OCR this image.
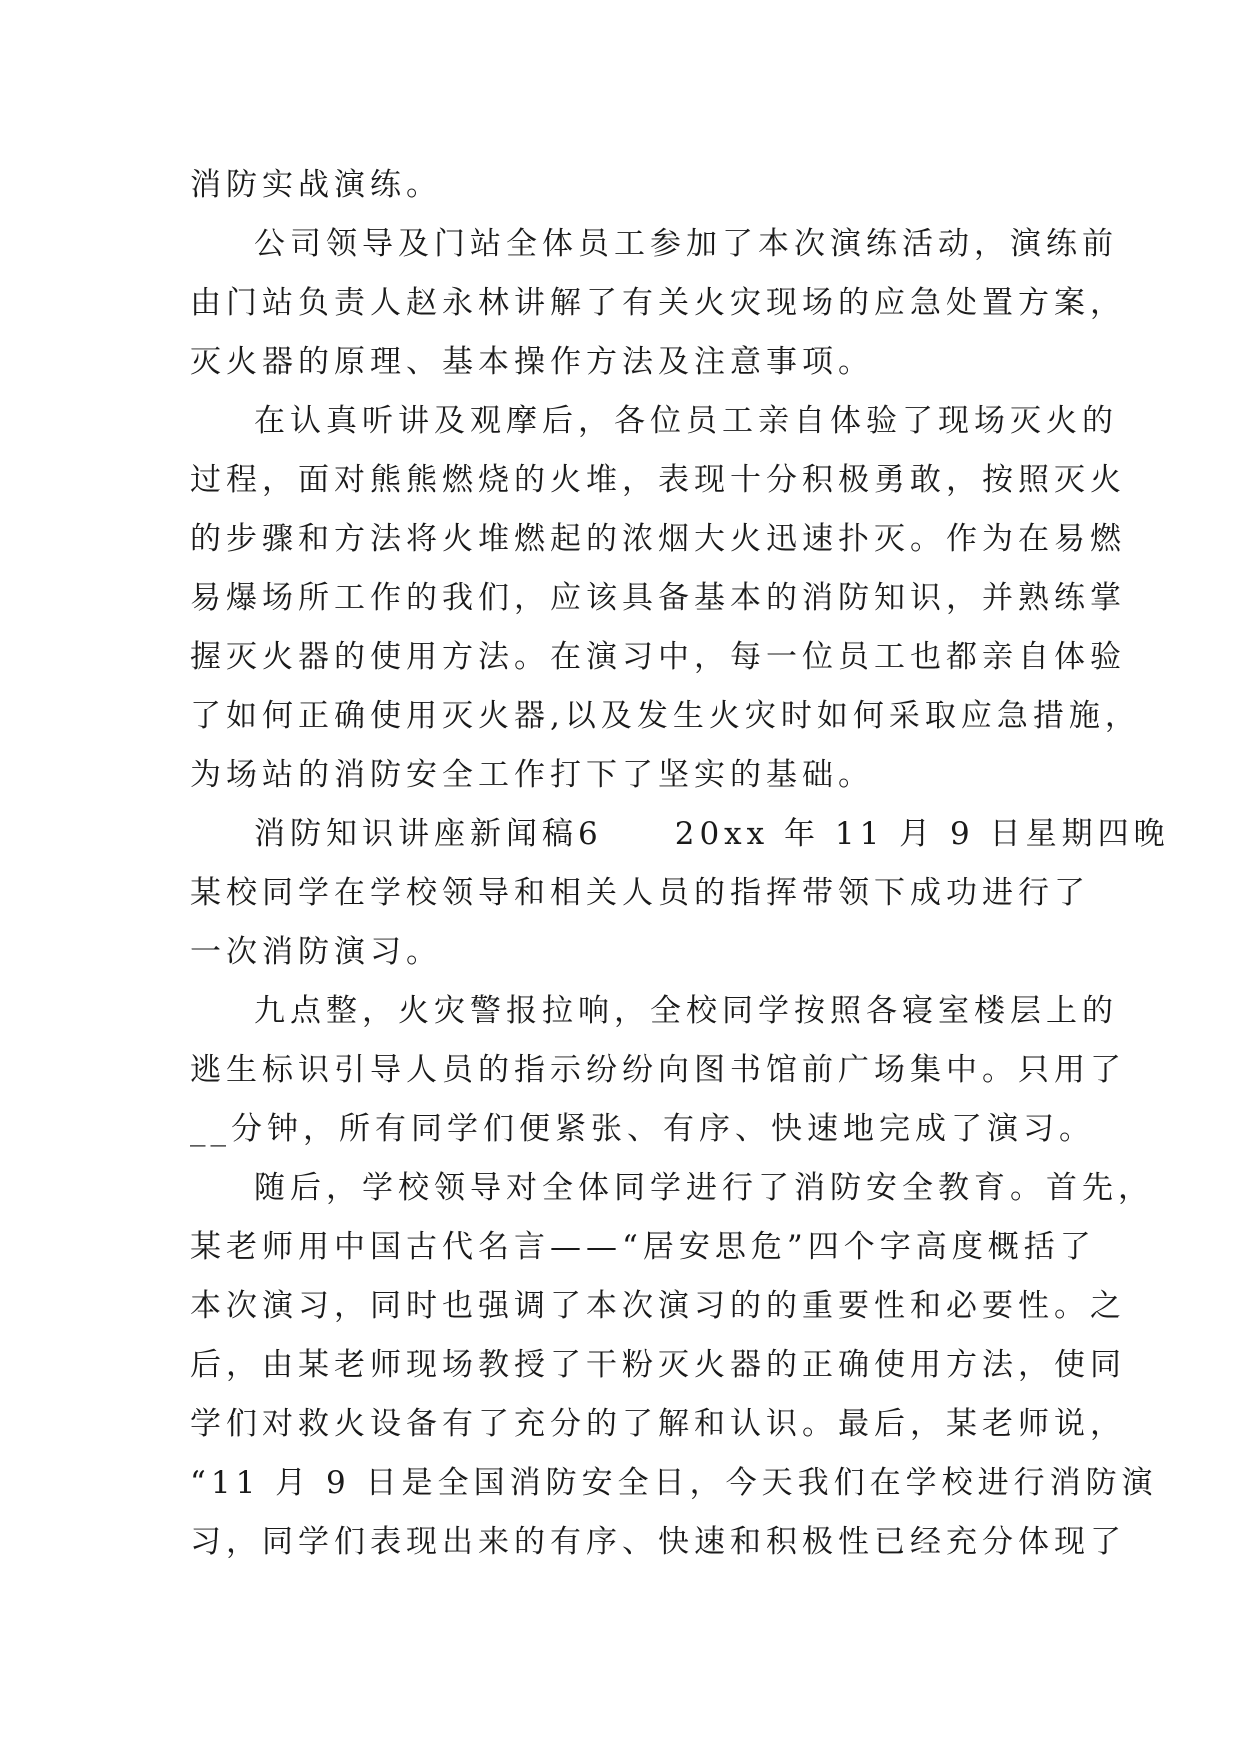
消防实战演练。
公司领导及门站全体员工参加了本次演练活动，演练前
由门站负责人赵永林讲解了有关火灾现场的应急处置方案，
灭火器的原理、基本操作方法及注意事项。
在认真听讲及观摩后，各位员工亲自体验了现场灭火的
过程，面对熊熊燃烧的火堆，表现十分积极勇敢，按照灭火
的步骤和方法将火堆燃起的浓烟大火迅速扑灭。作为在易燃
易爆场所工作的我们，应该具备基本的消防知识，并熟练掌
握灭火器的使用方法。在演习中，每一位员工也都亲自体验
了如何正确使用灭火器,以及发生火灾时如何采取应急措施，
为场站的消防安全工作打下了坚实的基础。
消防知识讲座新闻稿6　　20xx 年 11 月 9 日星期四晚
某校同学在学校领导和相关人员的指挥带领下成功进行了
一次消防演习。
九点整，火灾警报拉响，全校同学按照各寝室楼层上的
逃生标识引导人员的指示纷纷向图书馆前广场集中。只用了
__分钟，所有同学们便紧张、有序、快速地完成了演习。
随后，学校领导对全体同学进行了消防安全教育。首先，
某老师用中国古代名言——“居安思危”四个字高度概括了
本次演习，同时也强调了本次演习的的重要性和必要性。之
后，由某老师现场教授了干粉灭火器的正确使用方法，使同
学们对救火设备有了充分的了解和认识。最后，某老师说，
“11 月 9 日是全国消防安全日，今天我们在学校进行消防演
习，同学们表现出来的有序、快速和积极性已经充分体现了
